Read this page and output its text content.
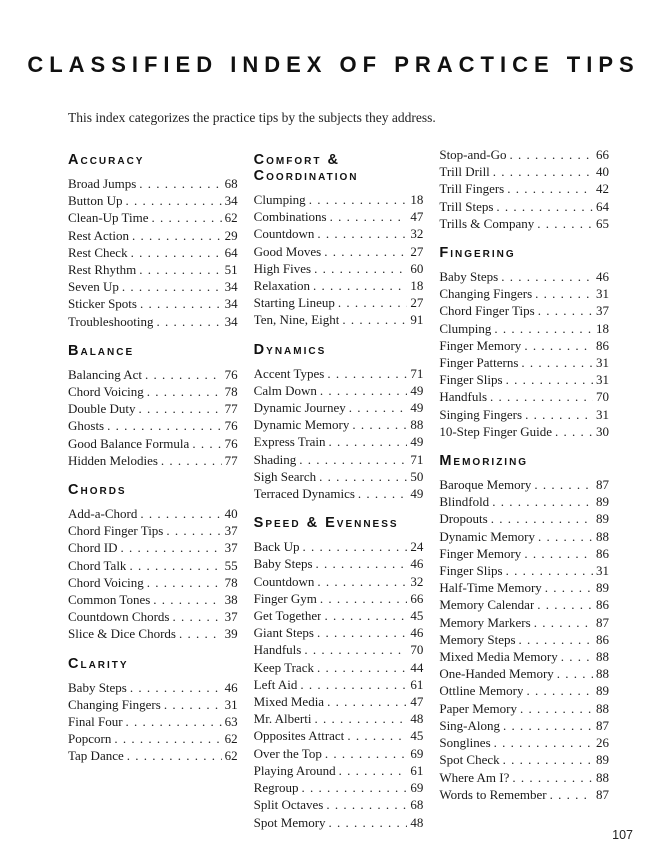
CLASSIFIED INDEX OF PRACTICE TIPS
This index categorizes the practice tips by the subjects they address.
Accuracy
Broad Jumps . . .	68
Button Up . . .	34
Clean-Up Time . . .	62
Rest Action . . .	29
Rest Check . . .	64
Rest Rhythm . . .	51
Seven Up . . .	34
Sticker Spots . . .	34
Troubleshooting . . .	34
Balance
Balancing Act . . .	76
Chord Voicing . . .	78
Double Duty . . .	77
Ghosts . . .	76
Good Balance Formula . . .	76
Hidden Melodies . . .	77
Chords
Add-a-Chord . . .	40
Chord Finger Tips . . .	37
Chord ID . . .	37
Chord Talk . . .	55
Chord Voicing . . .	78
Common Tones . . .	38
Countdown Chords . . .	37
Slice & Dice Chords . . .	39
Clarity
Baby Steps . . .	46
Changing Fingers . . .	31
Final Four . . .	63
Popcorn . . .	62
Tap Dance . . .	62
Comfort & Coordination
Clumping . . .	18
Combinations . . .	47
Countdown . . .	32
Good Moves . . .	27
High Fives . . .	60
Relaxation . . .	18
Starting Lineup . . .	27
Ten, Nine, Eight . . .	91
Dynamics
Accent Types . . .	71
Calm Down . . .	49
Dynamic Journey . . .	49
Dynamic Memory . . .	88
Express Train . . .	49
Shading . . .	71
Sigh Search . . .	50
Terraced Dynamics . . .	49
Speed & Evenness
Back Up . . .	24
Baby Steps . . .	46
Countdown . . .	32
Finger Gym . . .	66
Get Together . . .	45
Giant Steps . . .	46
Handfuls . . .	70
Keep Track . . .	44
Left Aid . . .	61
Mixed Media . . .	47
Mr. Alberti . . .	48
Opposites Attract . . .	45
Over the Top . . .	69
Playing Around . . .	61
Regroup . . .	69
Split Octaves . . .	68
Spot Memory . . .	48
Stop-and-Go . . .	66
Trill Drill . . .	40
Trill Fingers . . .	42
Trill Steps . . .	64
Trills & Company . . .	65
Fingering
Baby Steps . . .	46
Changing Fingers . . .	31
Chord Finger Tips . . .	37
Clumping . . .	18
Finger Memory . . .	86
Finger Patterns . . .	31
Finger Slips . . .	31
Handfuls . . .	70
Singing Fingers . . .	31
10-Step Finger Guide . . .	30
Memorizing
Baroque Memory . . .	87
Blindfold . . .	89
Dropouts . . .	89
Dynamic Memory . . .	88
Finger Memory . . .	86
Finger Slips . . .	31
Half-Time Memory . . .	89
Memory Calendar . . .	86
Memory Markers . . .	87
Memory Steps . . .	86
Mixed Media Memory . . .	88
One-Handed Memory . . .	88
Ottline Memory . . .	89
Paper Memory . . .	88
Sing-Along . . .	87
Songlines . . .	26
Spot Check . . .	89
Where Am I? . . .	88
Words to Remember . . .	87
107
